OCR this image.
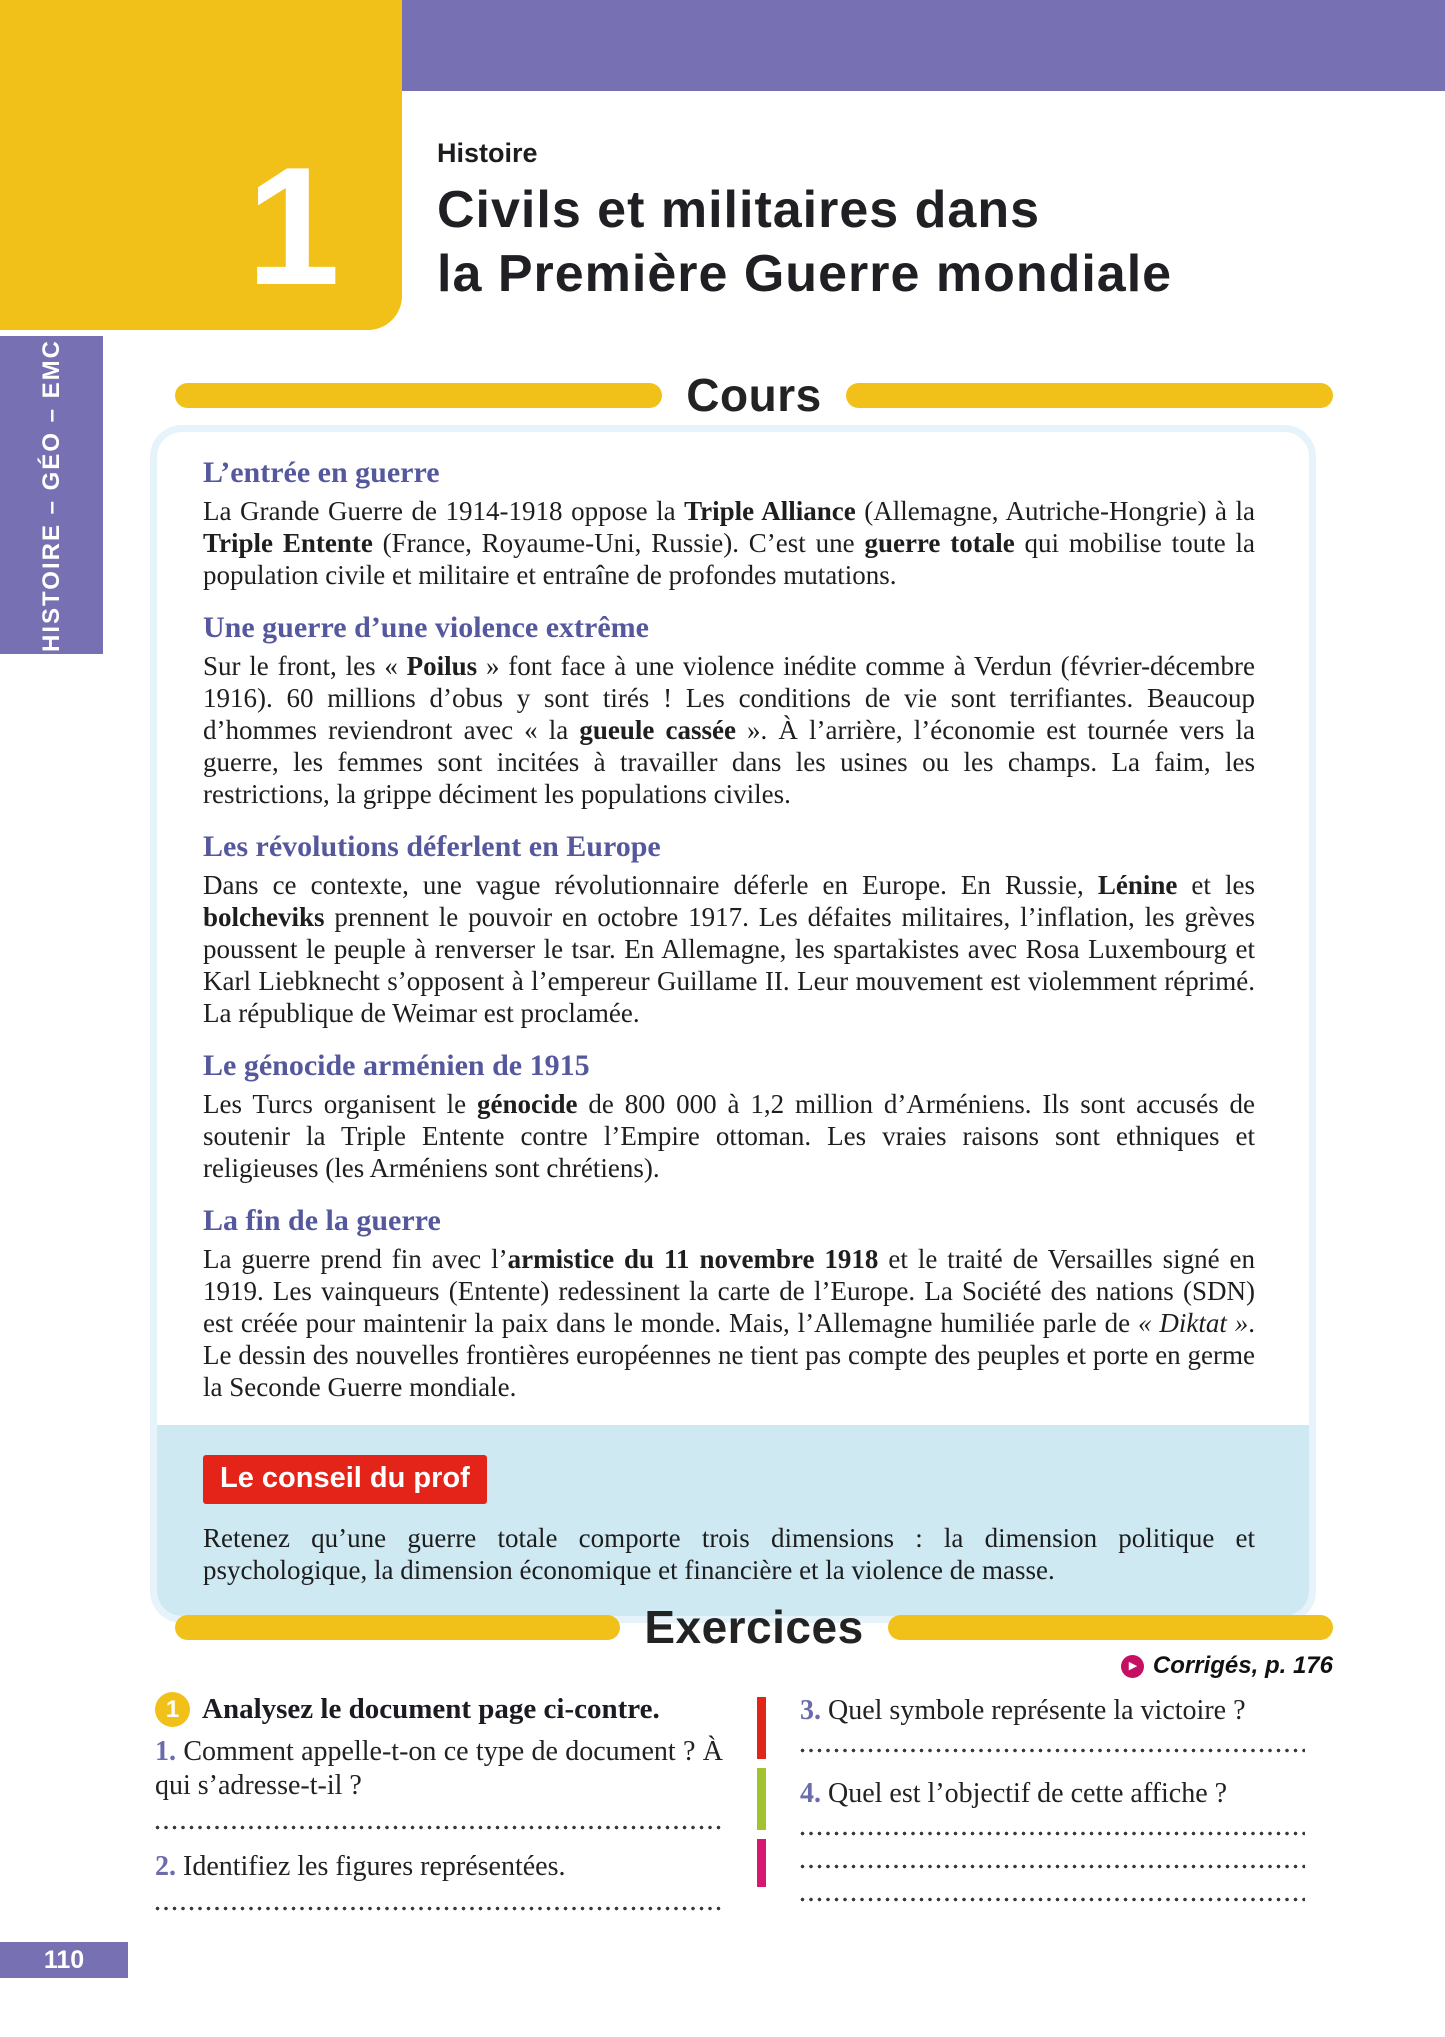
1	Histoire
Civils et militaires dans
la Première Guerre mondiale
HISTOIRE – GÉO – EMC	Cours
L’entrée en guerre

La Grande Guerre de 1914-1918 oppose la Triple Alliance (Allemagne, Autriche-Hongrie) à la Triple Entente (France, Royaume-Uni, Russie). C’est une guerre totale qui mobilise toute la population civile et militaire et entraîne de profondes mutations.

Une guerre d’une violence extrême

Sur le front, les « Poilus » font face à une violence inédite comme à Verdun (février-décembre 1916). 60 millions d’obus y sont tirés ! Les conditions de vie sont terrifiantes. Beaucoup d’hommes reviendront avec « la gueule cassée ». À l’arrière, l’économie est tournée vers la guerre, les femmes sont incitées à travailler dans les usines ou les champs. La faim, les restrictions, la grippe déciment les populations civiles.

Les révolutions déferlent en Europe

Dans ce contexte, une vague révolutionnaire déferle en Europe. En Russie, Lénine et les bolcheviks prennent le pouvoir en octobre 1917. Les défaites militaires, l’inflation, les grèves poussent le peuple à renverser le tsar. En Allemagne, les spartakistes avec Rosa Luxembourg et Karl Liebknecht s’opposent à l’empereur Guillame II. Leur mouvement est violemment réprimé. La république de Weimar est proclamée.

Le génocide arménien de 1915

Les Turcs organisent le génocide de 800 000 à 1,2 million d’Arméniens. Ils sont accusés de soutenir la Triple Entente contre l’Empire ottoman. Les vraies raisons sont ethniques et religieuses (les Arméniens sont chrétiens).

La fin de la guerre

La guerre prend fin avec l’armistice du 11 novembre 1918 et le traité de Versailles signé en 1919. Les vainqueurs (Entente) redessinent la carte de l’Europe. La Société des nations (SDN) est créée pour maintenir la paix dans le monde. Mais, l’Allemagne humiliée parle de « Diktat ». Le dessin des nouvelles frontières européennes ne tient pas compte des peuples et porte en germe la Seconde Guerre mondiale.

Le conseil du prof

Retenez qu’une guerre totale comporte trois dimensions : la dimension politique et psychologique, la dimension économique et financière et la violence de masse.

Exercices
▶ Corrigés, p. 176
1 Analysez le document page ci-contre.
1. Comment appelle-t-on ce type de document ? À qui s’adresse-t-il ?
2. Identifiez les figures représentées.
3. Quel symbole représente la victoire ?
4. Quel est l’objectif de cette affiche ?
110
